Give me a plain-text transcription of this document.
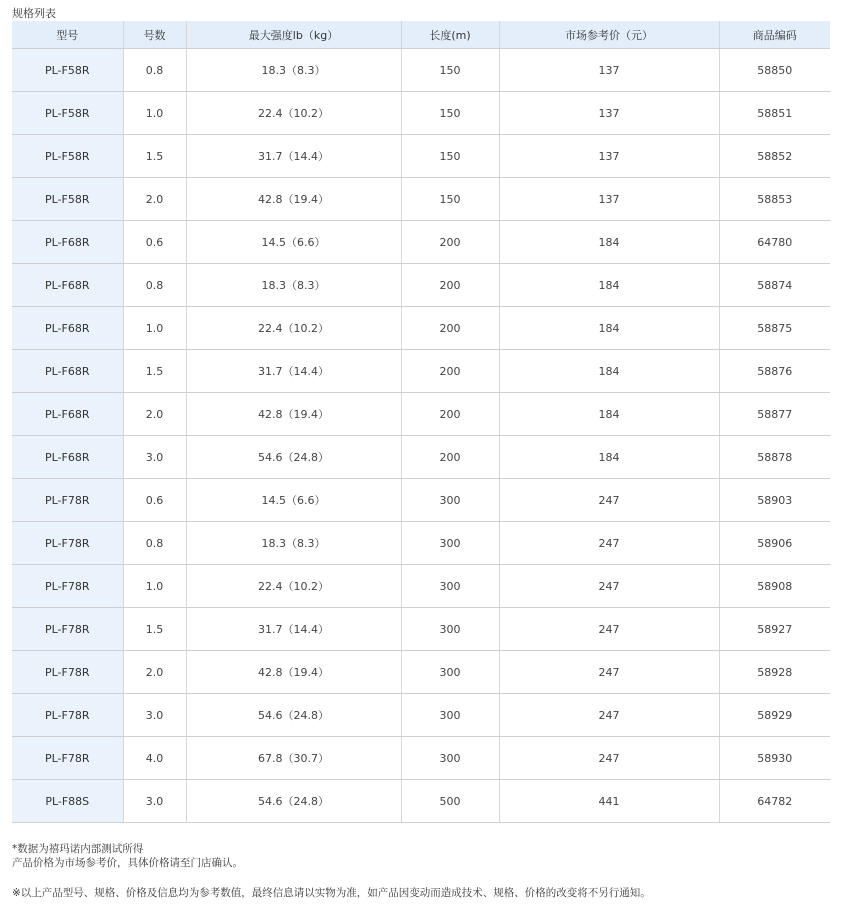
规格列表
型号	号数	最大强度lb（kg）	长度(m)	市场参考价（元）	商品编码
PL-F58R	0.8	18.3（8.3）	150	137	58850
PL-F58R	1.0	22.4（10.2）	150	137	58851
PL-F58R	1.5	31.7（14.4）	150	137	58852
PL-F58R	2.0	42.8（19.4）	150	137	58853
PL-F68R	0.6	14.5（6.6）	200	184	64780
PL-F68R	0.8	18.3（8.3）	200	184	58874
PL-F68R	1.0	22.4（10.2）	200	184	58875
PL-F68R	1.5	31.7（14.4）	200	184	58876
PL-F68R	2.0	42.8（19.4）	200	184	58877
PL-F68R	3.0	54.6（24.8）	200	184	58878
PL-F78R	0.6	14.5（6.6）	300	247	58903
PL-F78R	0.8	18.3（8.3）	300	247	58906
PL-F78R	1.0	22.4（10.2）	300	247	58908
PL-F78R	1.5	31.7（14.4）	300	247	58927
PL-F78R	2.0	42.8（19.4）	300	247	58928
PL-F78R	3.0	54.6（24.8）	300	247	58929
PL-F78R	4.0	67.8（30.7）	300	247	58930
PL-F88S	3.0	54.6（24.8）	500	441	64782
*数据为禧玛诺内部测试所得
产品价格为市场参考价，具体价格请至门店确认。
※以上产品型号、规格、价格及信息均为参考数值，最终信息请以实物为准，如产品因变动而造成技术、规格、价格的改变将不另行通知。
